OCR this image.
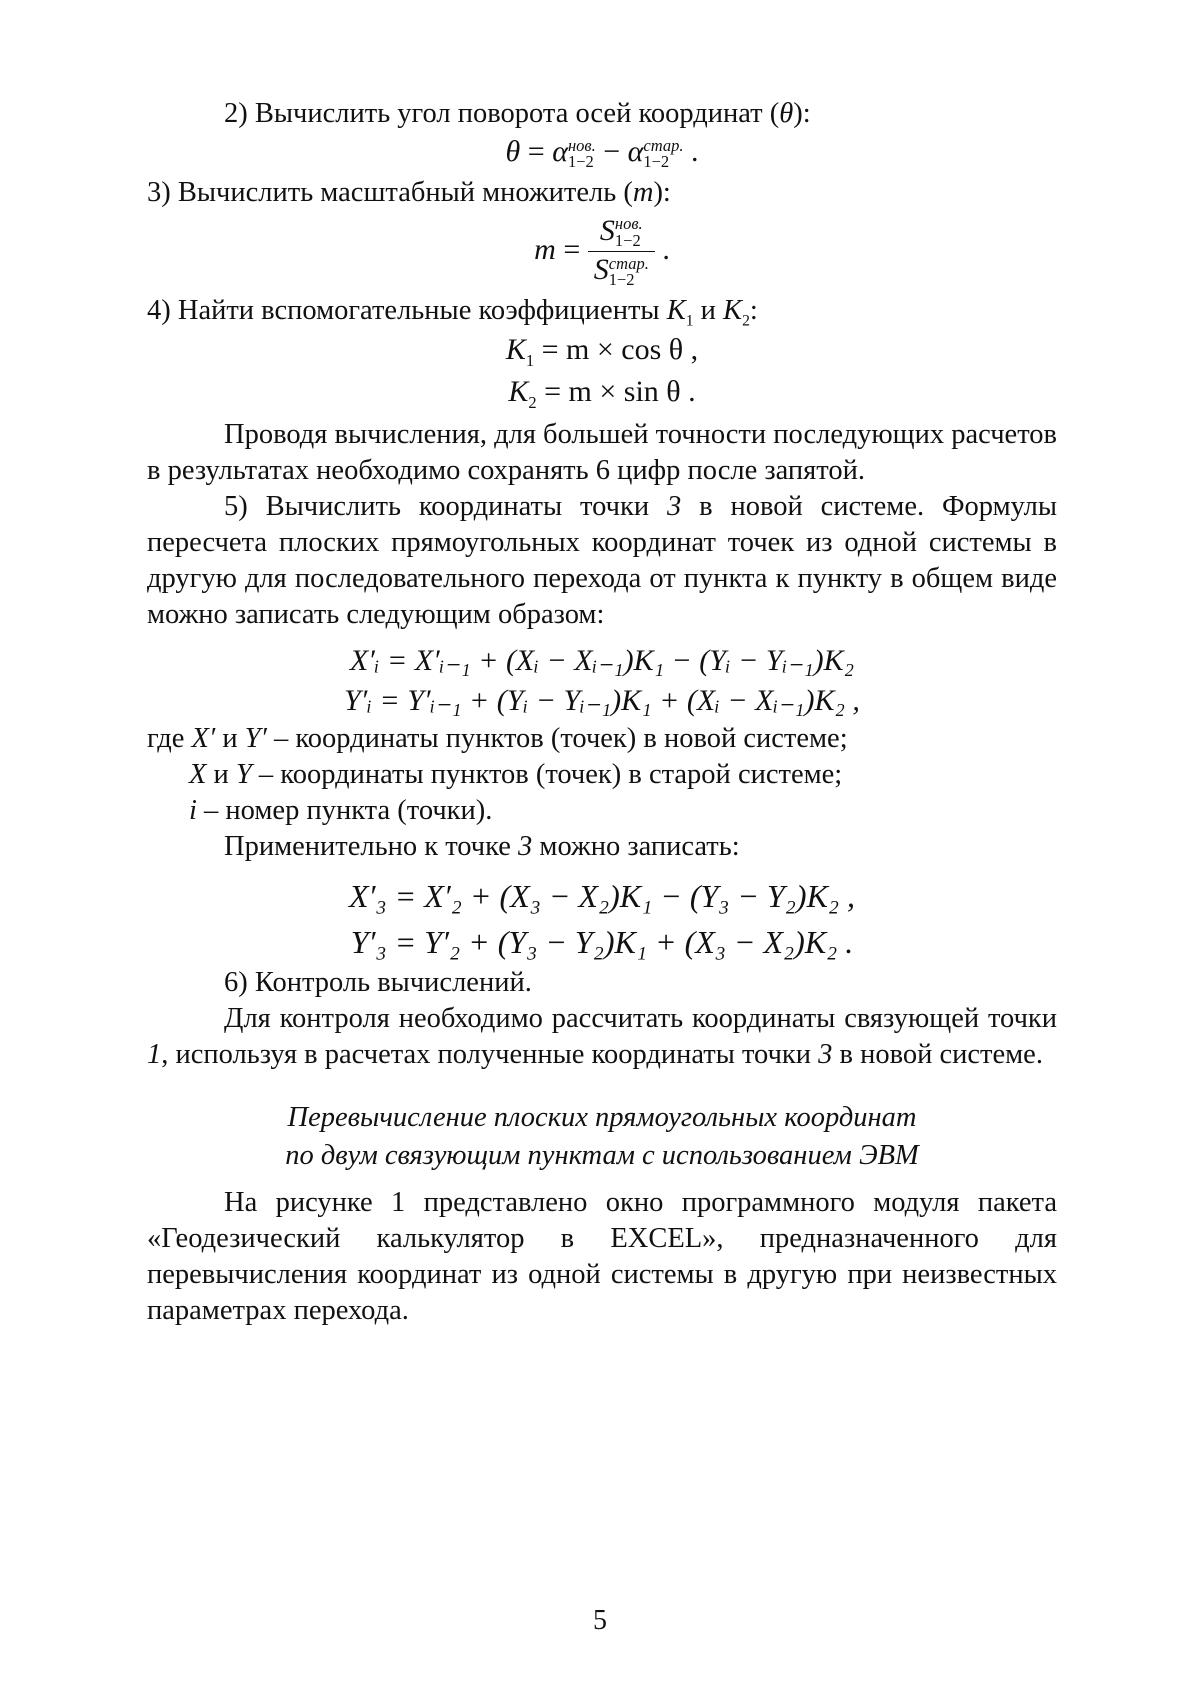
2) Вычислить угол поворота осей координат (θ):

θ = α нов.
1−2 − α стар.
1−2 .

3) Вычислить масштабный множитель (m):

m = S нов.
1−2
S стар.
1−2 .

4) Найти вспомогательные коэффициенты $K_1$ и $K_2$:

$K_1 = m \times \cos \theta$ ,
$K_2 = m \times \sin \theta$ .

Проводя вычисления, для большей точности последующих расчетов в результатах необходимо сохранять 6 цифр после запятой.

5) Вычислить координаты точки 3 в новой системе. Формулы пересчета плоских прямоугольных координат точек из одной системы в другую для последовательного перехода от пункта к пункту в общем виде можно записать следующим образом:

X′ᵢ = X′ᵢ₋₁ + (Xᵢ − Xᵢ₋₁)K₁ − (Yᵢ − Yᵢ₋₁)K₂
Y′ᵢ = Y′ᵢ₋₁ + (Yᵢ − Yᵢ₋₁)K₁ + (Xᵢ − Xᵢ₋₁)K₂ ,

где X′ и Y′ – координаты пунктов (точек) в новой системе;

X и Y – координаты пунктов (точек) в старой системе;

i – номер пункта (точки).

Применительно к точке 3 можно записать:

X′₃ = X′₂ + (X₃ − X₂)K₁ − (Y₃ − Y₂)K₂ ,
Y′₃ = Y′₂ + (Y₃ − Y₂)K₁ + (X₃ − X₂)K₂ .

6) Контроль вычислений.

Для контроля необходимо рассчитать координаты связующей точки 1, используя в расчетах полученные координаты точки 3 в новой системе.

Перевычисление плоских прямоугольных координат
по двум связующим пунктам с использованием ЭВМ

На рисунке 1 представлено окно программного модуля пакета «Геодезический калькулятор в EXCEL», предназначенного для перевычисления координат из одной системы в другую при неизвестных параметрах перехода.

5
